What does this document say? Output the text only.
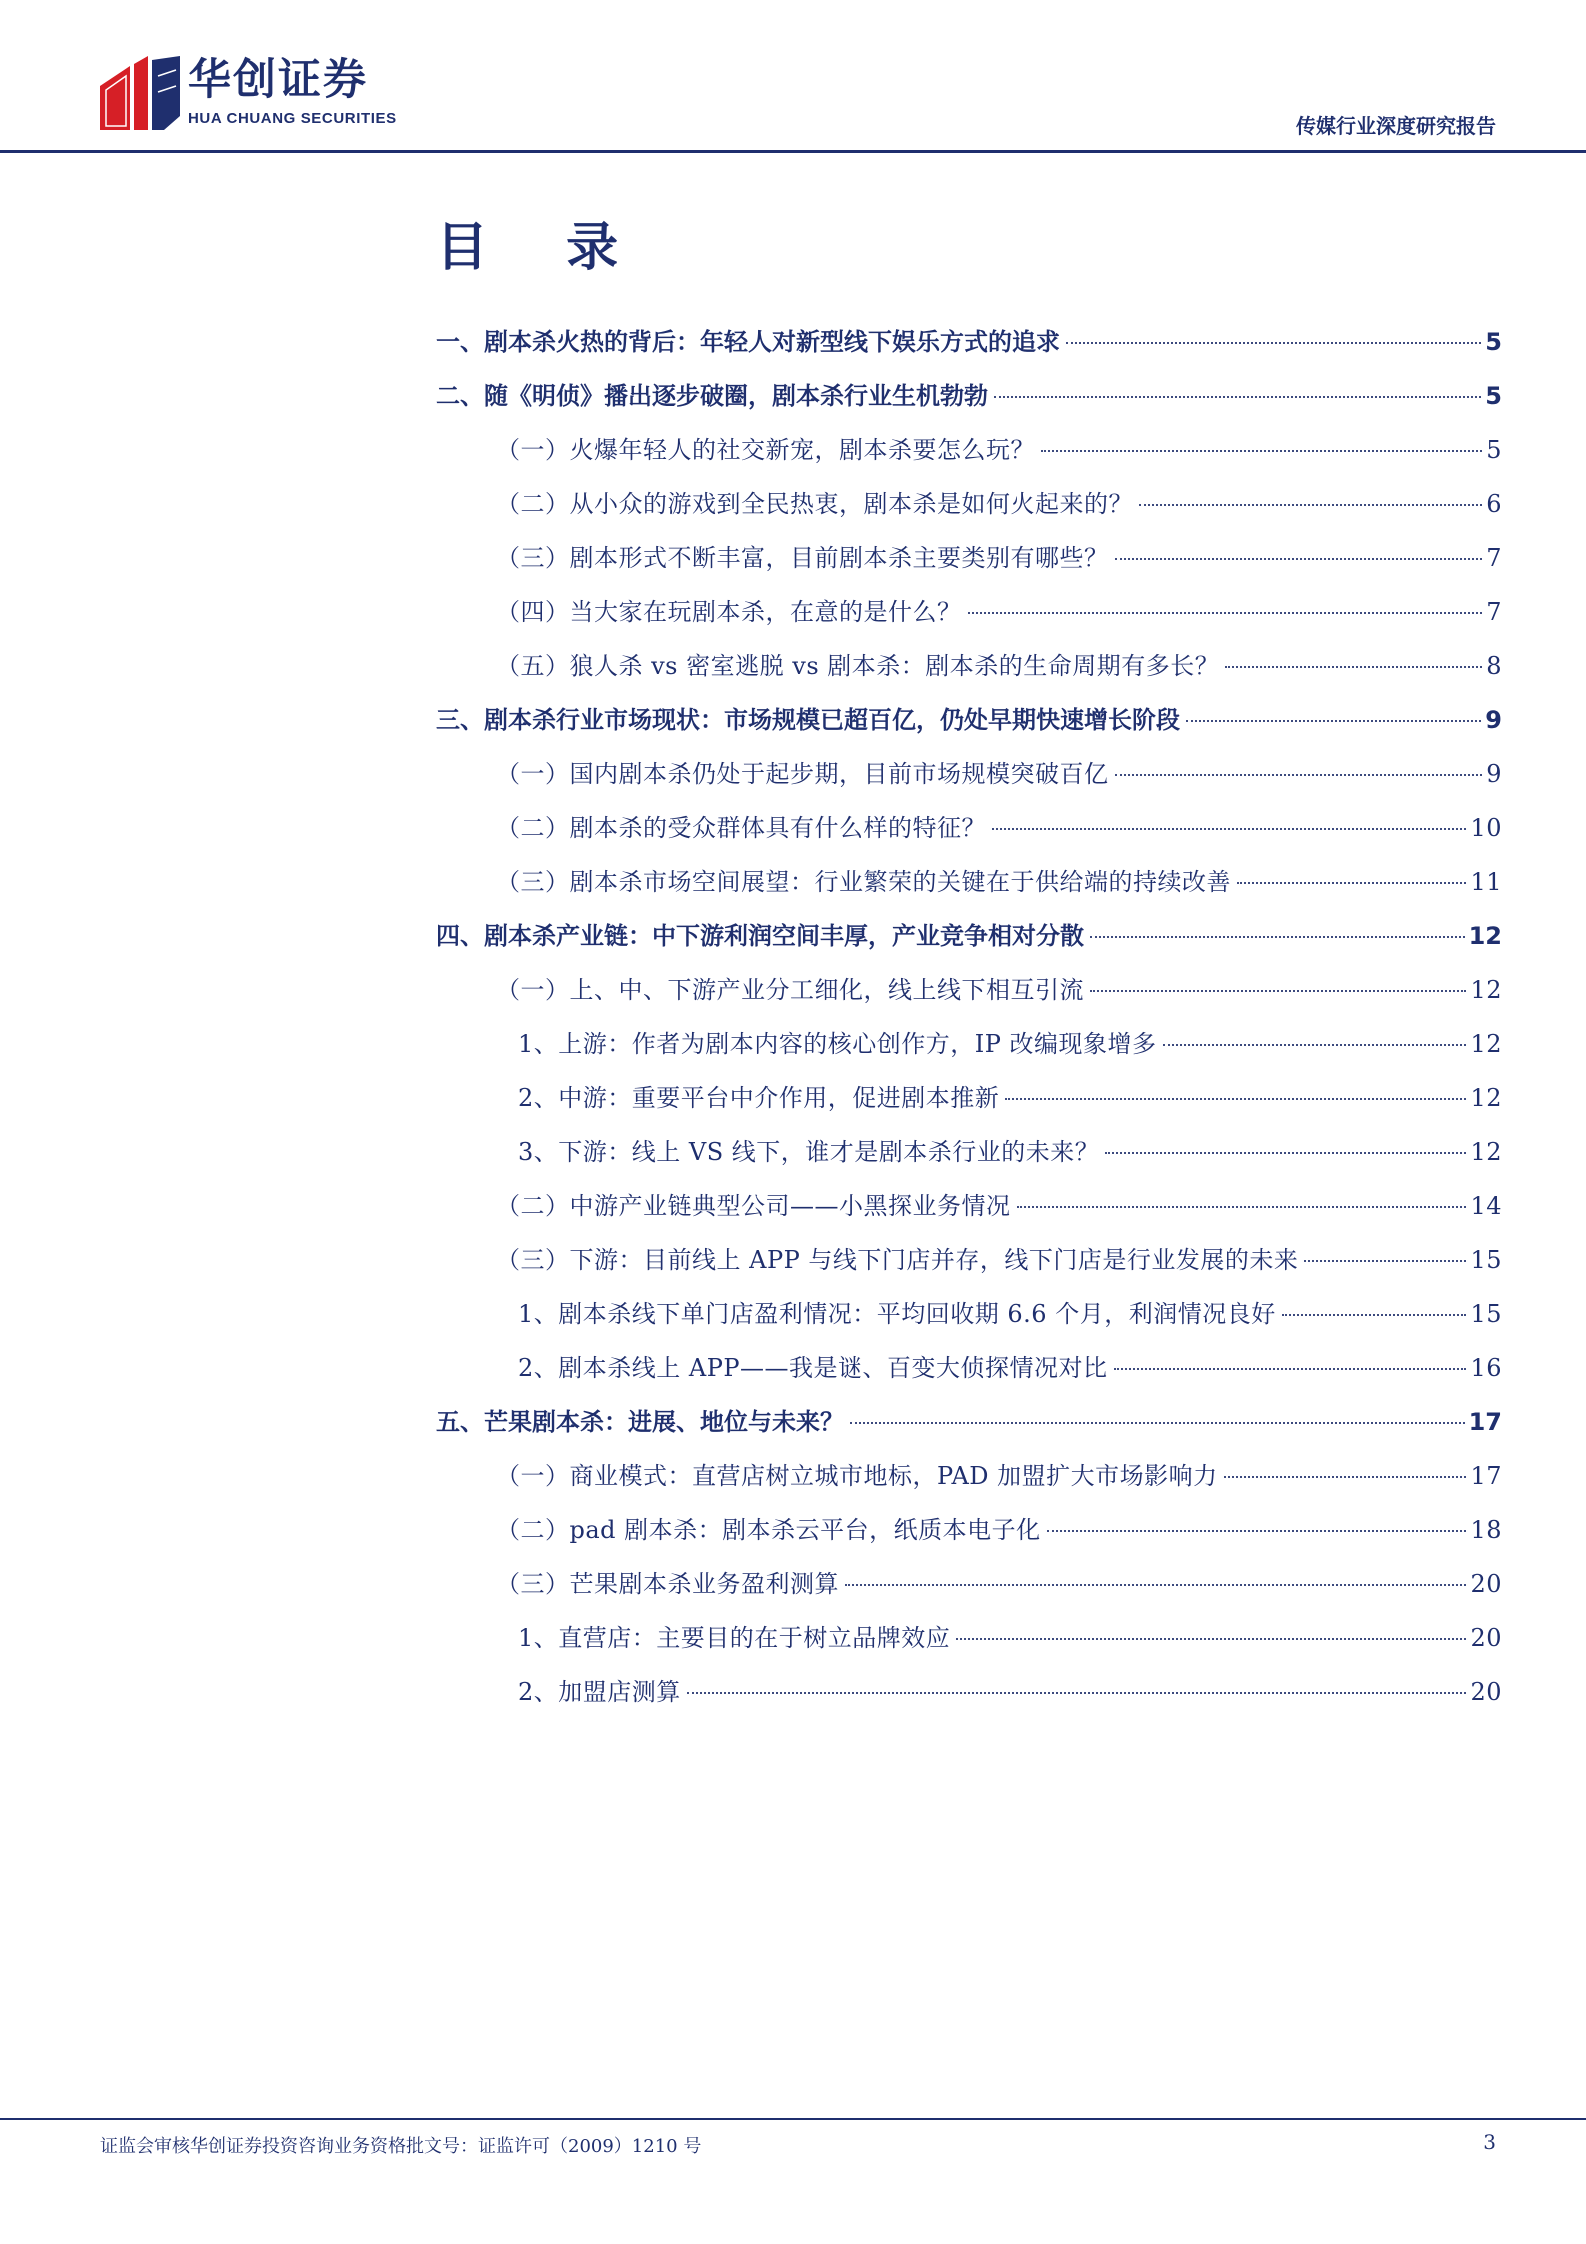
华创证券
HUA CHUANG SECURITIES	传媒行业深度研究报告
目 录
一、剧本杀火热的背后：年轻人对新型线下娱乐方式的追求	5
二、随《明侦》播出逐步破圈，剧本杀行业生机勃勃	5
（一）火爆年轻人的社交新宠，剧本杀要怎么玩？	5
（二）从小众的游戏到全民热衷，剧本杀是如何火起来的？	6
（三）剧本形式不断丰富，目前剧本杀主要类别有哪些？	7
（四）当大家在玩剧本杀，在意的是什么？	7
（五）狼人杀 vs 密室逃脱 vs 剧本杀：剧本杀的生命周期有多长？	8
三、剧本杀行业市场现状：市场规模已超百亿，仍处早期快速增长阶段	9
（一）国内剧本杀仍处于起步期，目前市场规模突破百亿	9
（二）剧本杀的受众群体具有什么样的特征？	10
（三）剧本杀市场空间展望：行业繁荣的关键在于供给端的持续改善	11
四、剧本杀产业链：中下游利润空间丰厚，产业竞争相对分散	12
（一）上、中、下游产业分工细化，线上线下相互引流	12
1、上游：作者为剧本内容的核心创作方，IP 改编现象增多	12
2、中游：重要平台中介作用，促进剧本推新	12
3、下游：线上 VS 线下，谁才是剧本杀行业的未来？	12
（二）中游产业链典型公司——小黑探业务情况	14
（三）下游：目前线上 APP 与线下门店并存，线下门店是行业发展的未来	15
1、剧本杀线下单门店盈利情况：平均回收期 6.6 个月，利润情况良好	15
2、剧本杀线上 APP——我是谜、百变大侦探情况对比	16
五、芒果剧本杀：进展、地位与未来？	17
（一）商业模式：直营店树立城市地标，PAD 加盟扩大市场影响力	17
（二）pad 剧本杀：剧本杀云平台，纸质本电子化	18
（三）芒果剧本杀业务盈利测算	20
1、直营店：主要目的在于树立品牌效应	20
2、加盟店测算	20
证监会审核华创证券投资咨询业务资格批文号：证监许可（2009）1210 号	3
